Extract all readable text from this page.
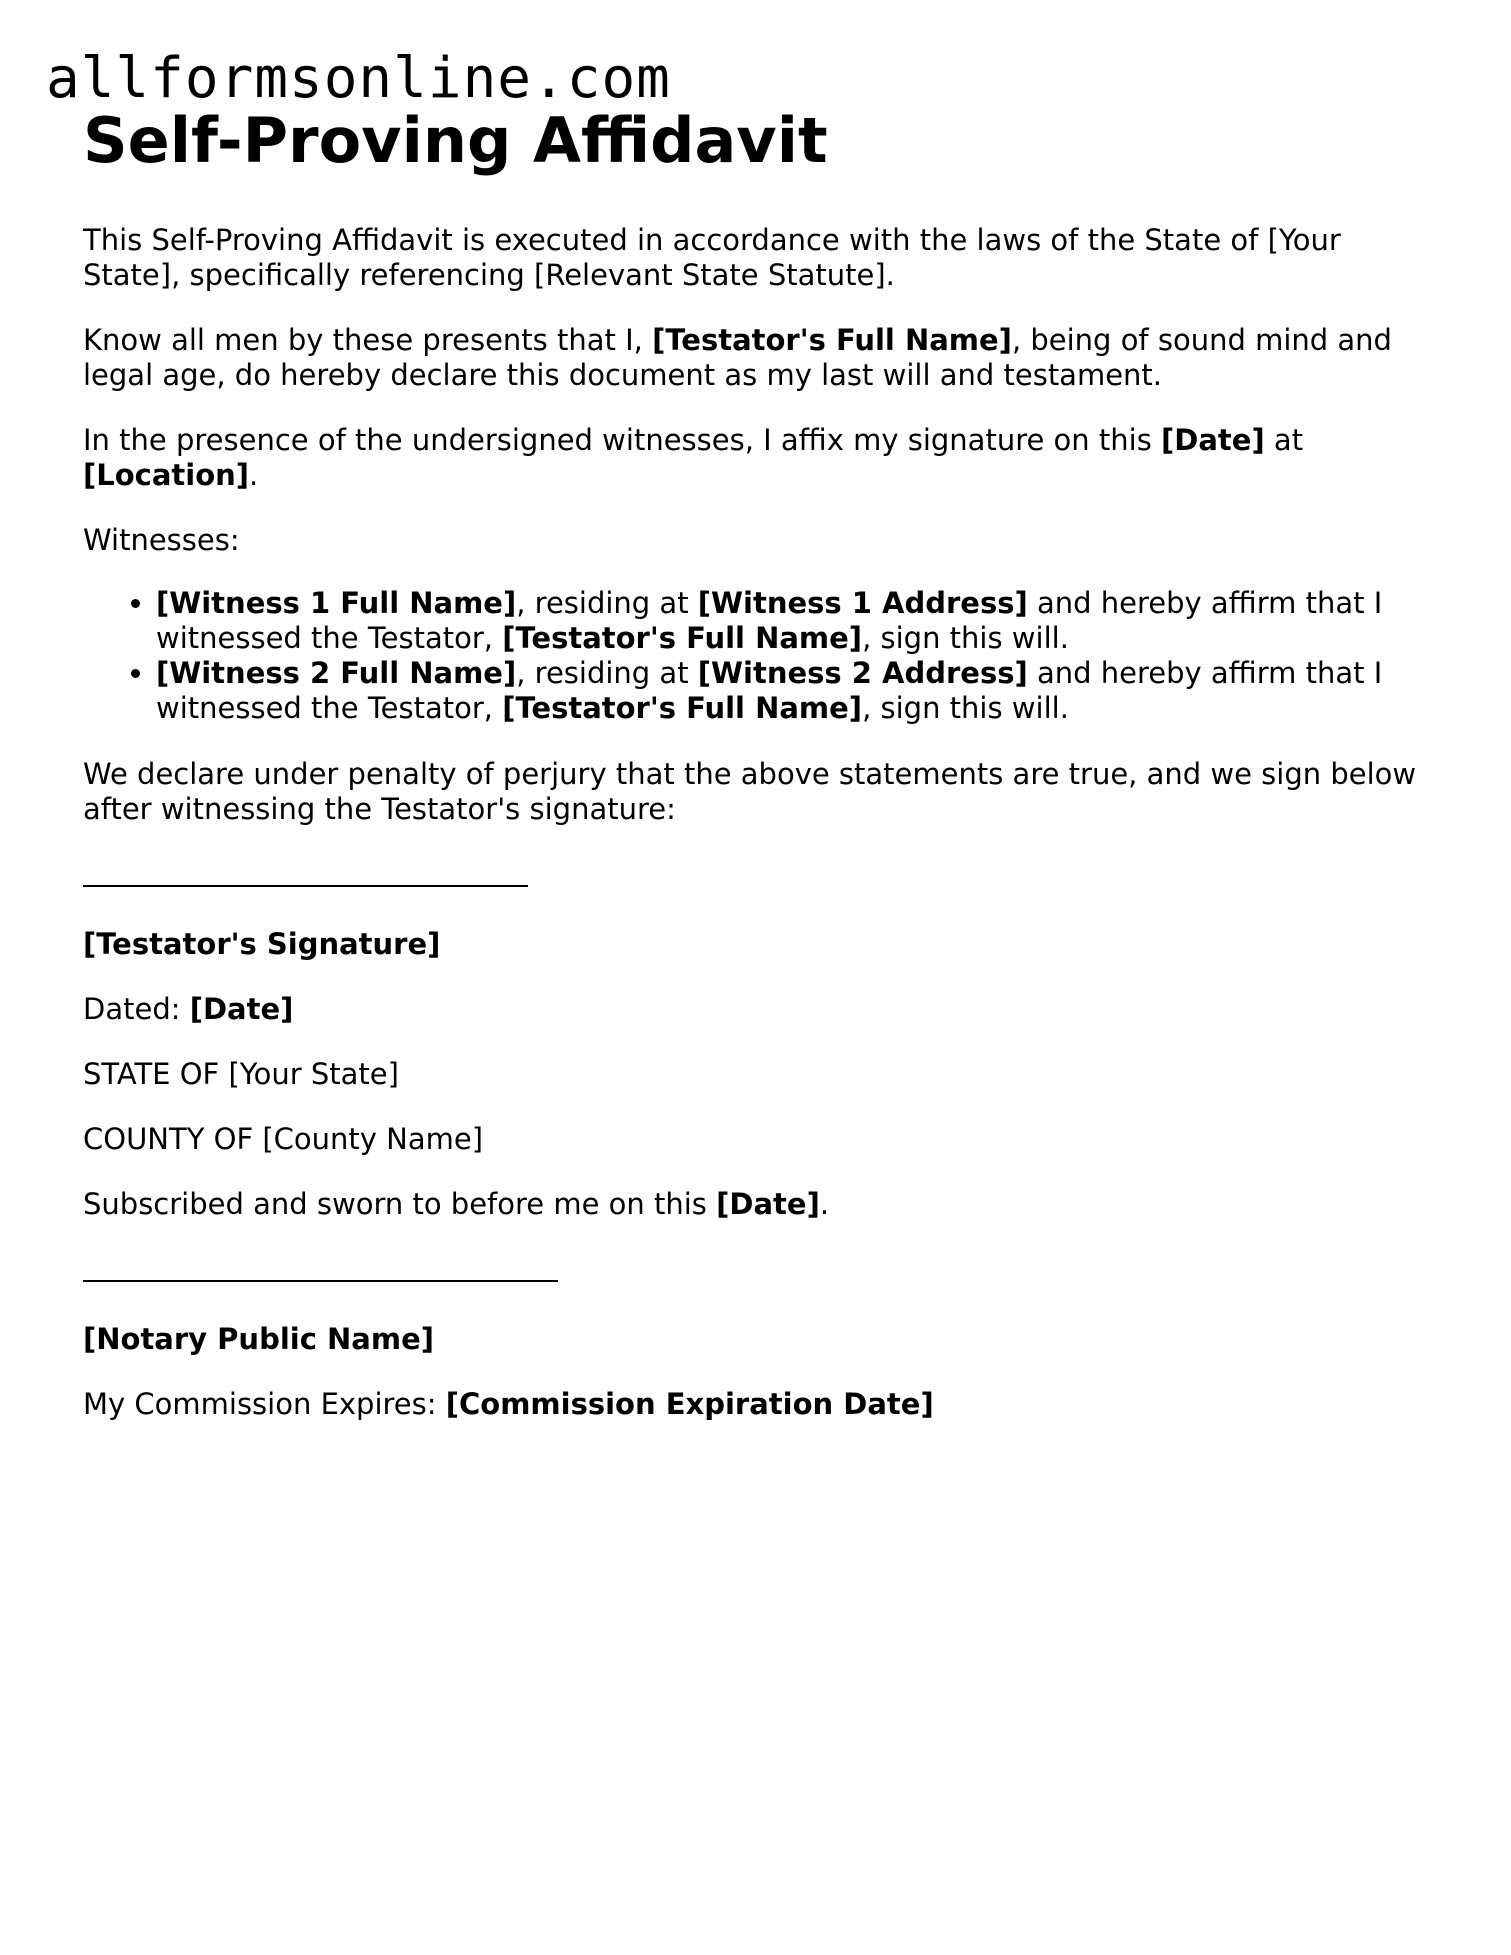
allformsonline.com
Self-Proving Affidavit

This Self-Proving Affidavit is executed in accordance with the laws of the State of [Your State], specifically referencing [Relevant State Statute].

Know all men by these presents that I, [Testator's Full Name], being of sound mind and legal age, do hereby declare this document as my last will and testament.

In the presence of the undersigned witnesses, I affix my signature on this [Date] at [Location].

Witnesses:

• [Witness 1 Full Name], residing at [Witness 1 Address] and hereby affirm that I witnessed the Testator, [Testator's Full Name], sign this will.
• [Witness 2 Full Name], residing at [Witness 2 Address] and hereby affirm that I witnessed the Testator, [Testator's Full Name], sign this will.

We declare under penalty of perjury that the above statements are true, and we sign below after witnessing the Testator's signature:

[Testator's Signature]

Dated: [Date]

STATE OF [Your State]

COUNTY OF [County Name]

Subscribed and sworn to before me on this [Date].

[Notary Public Name]

My Commission Expires: [Commission Expiration Date]
